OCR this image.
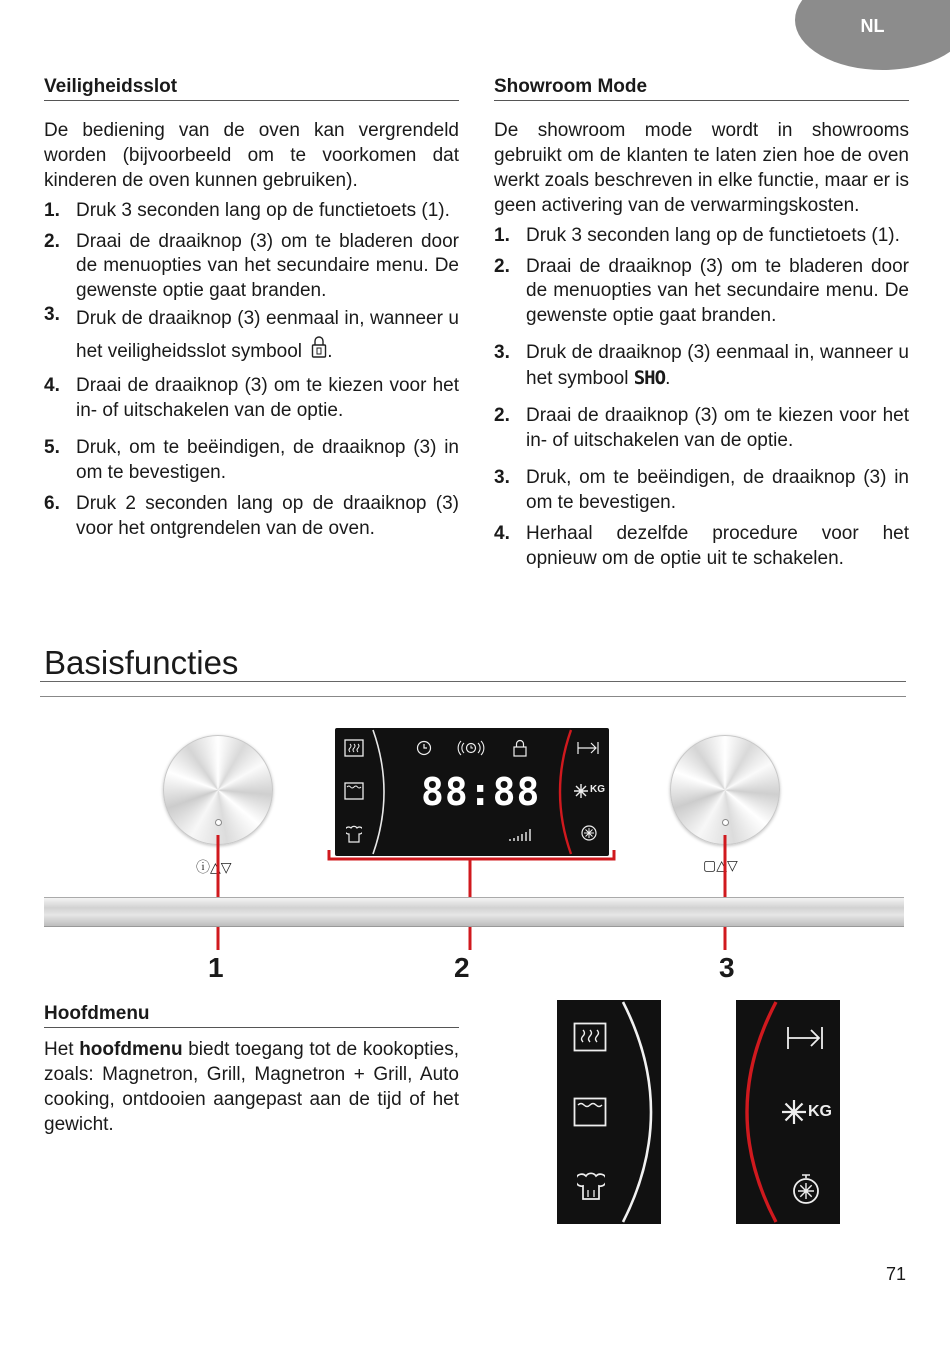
NL
Veiligheidsslot

De bediening van de oven kan vergrendeld worden (bijvoorbeeld om te voorkomen dat kinderen de oven kunnen gebruiken).

1. Druk 3 seconden lang op de functietoets (1).
2. Draai de draaiknop (3) om te bladeren door de menuopties van het secundaire menu. De gewenste optie gaat branden.
3. Druk de draaiknop (3) eenmaal in, wanneer u het veiligheidsslot symbool .
4. Draai de draaiknop (3) om te kiezen voor het in- of uitschakelen van de optie.
5. Druk, om te beëindigen, de draaiknop (3) in om te bevestigen.
6. Druk 2 seconden lang op de draaiknop (3) voor het ontgrendelen van de oven.
Showroom Mode

De showroom mode wordt in showrooms gebruikt om de klanten te laten zien hoe de oven werkt zoals beschreven in elke functie, maar er is geen activering van de verwarmingskosten.

1. Druk 3 seconden lang op de functietoets (1).
2. Draai de draaiknop (3) om te bladeren door de menuopties van het secundaire menu. De gewenste optie gaat branden.
3. Druk de draaiknop (3) eenmaal in, wanneer u het symbool SHO.
2. Draai de draaiknop (3) om te kiezen voor het in- of uitschakelen van de optie.
3. Druk, om te beëindigen, de draaiknop (3) in om te bevestigen.
4. Herhaal dezelfde procedure voor het opnieuw om de optie uit te schakelen.
Basisfuncties
ⓘ△▽	▢△▽
88:88	KG
1	2	3
Hoofdmenu

Het hoofdmenu biedt toegang tot de kookopties, zoals: Magnetron, Grill, Magnetron + Grill, Auto cooking, ontdooien aangepast aan de tijd of het gewicht.

KG
71
